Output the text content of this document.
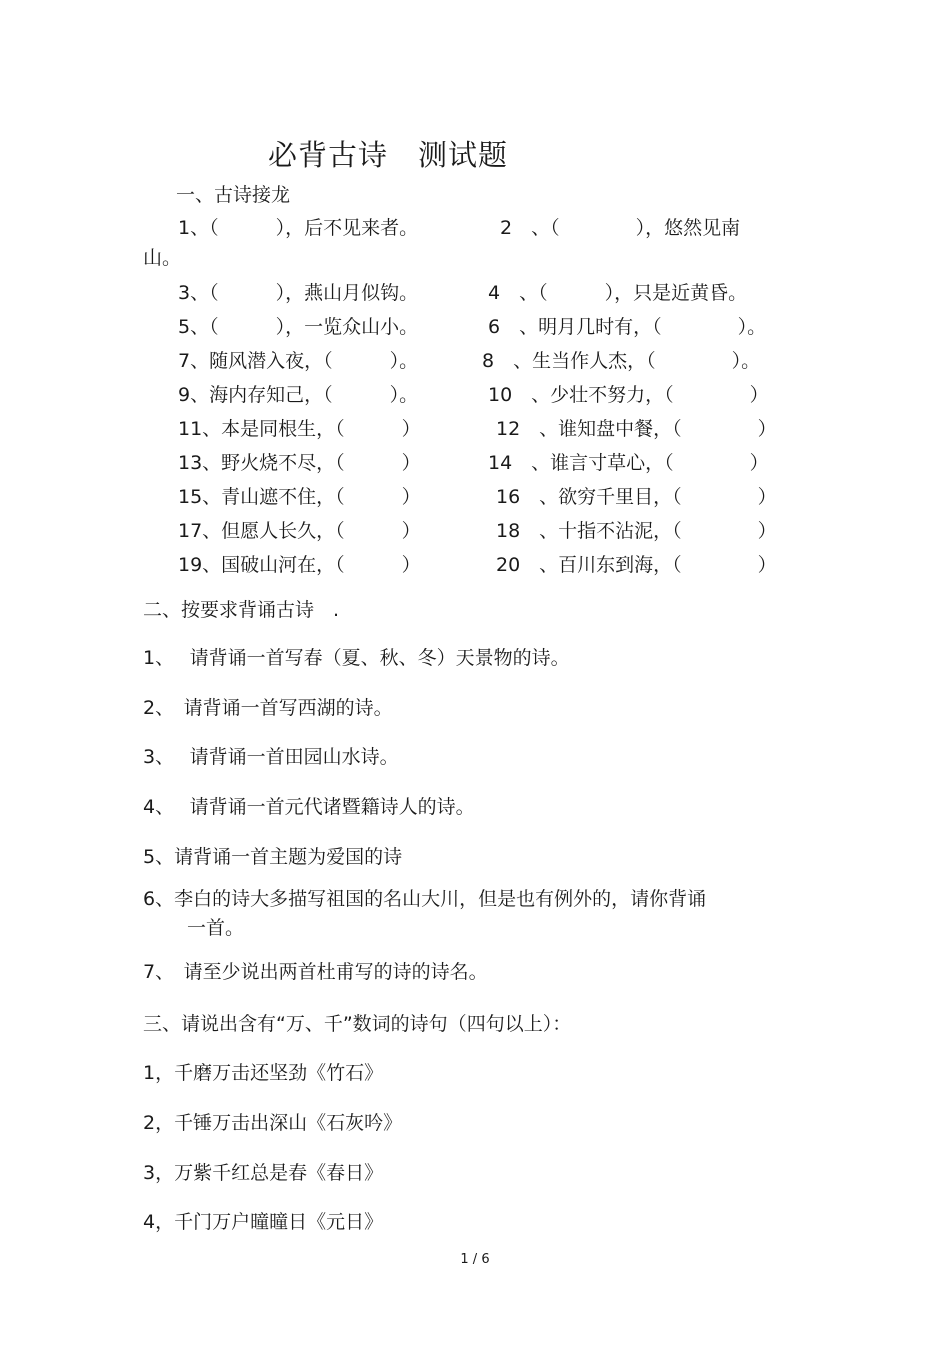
必背古诗　测试题
一、古诗接龙
1、（　　　），后不见来者。	2　、（　　　　），悠然见南
山。
3、（　　　），燕山月似钩。	4　、（　　　），只是近黄昏。
5、（　　　），一览众山小。	6　、明月几时有，（　　　　）。
7、随风潜入夜，（　　　）。	8　、生当作人杰，（　　　　）。
9、海内存知己，（　　　）。	10　、少壮不努力，（　　　　）
11、本是同根生，（　　　）	12　、谁知盘中餐，（　　　　）
13、野火烧不尽，（　　　）	14　、谁言寸草心，（　　　　）
15、青山遮不住，（　　　）	16　、欲穷千里目，（　　　　）
17、但愿人长久，（　　　）	18　、十指不沾泥，（　　　　）
19、国破山河在，（　　　）	20　、百川东到海，（　　　　）
二、按要求背诵古诗　.
1、　 请背诵一首写春（夏、秋、冬）天景物的诗。
2、　请背诵一首写西湖的诗。
3、　 请背诵一首田园山水诗。
4、　 请背诵一首元代诸暨籍诗人的诗。
5、请背诵一首主题为爱国的诗
6、李白的诗大多描写祖国的名山大川，但是也有例外的，请你背诵
一首。
7、　请至少说出两首杜甫写的诗的诗名。
三、请说出含有“万、千”数词的诗句（四句以上）：
1，千磨万击还坚劲《竹石》
2，千锤万击出深山《石灰吟》
3，万紫千红总是春《春日》
4，千门万户曈曈日《元日》
1 / 6
